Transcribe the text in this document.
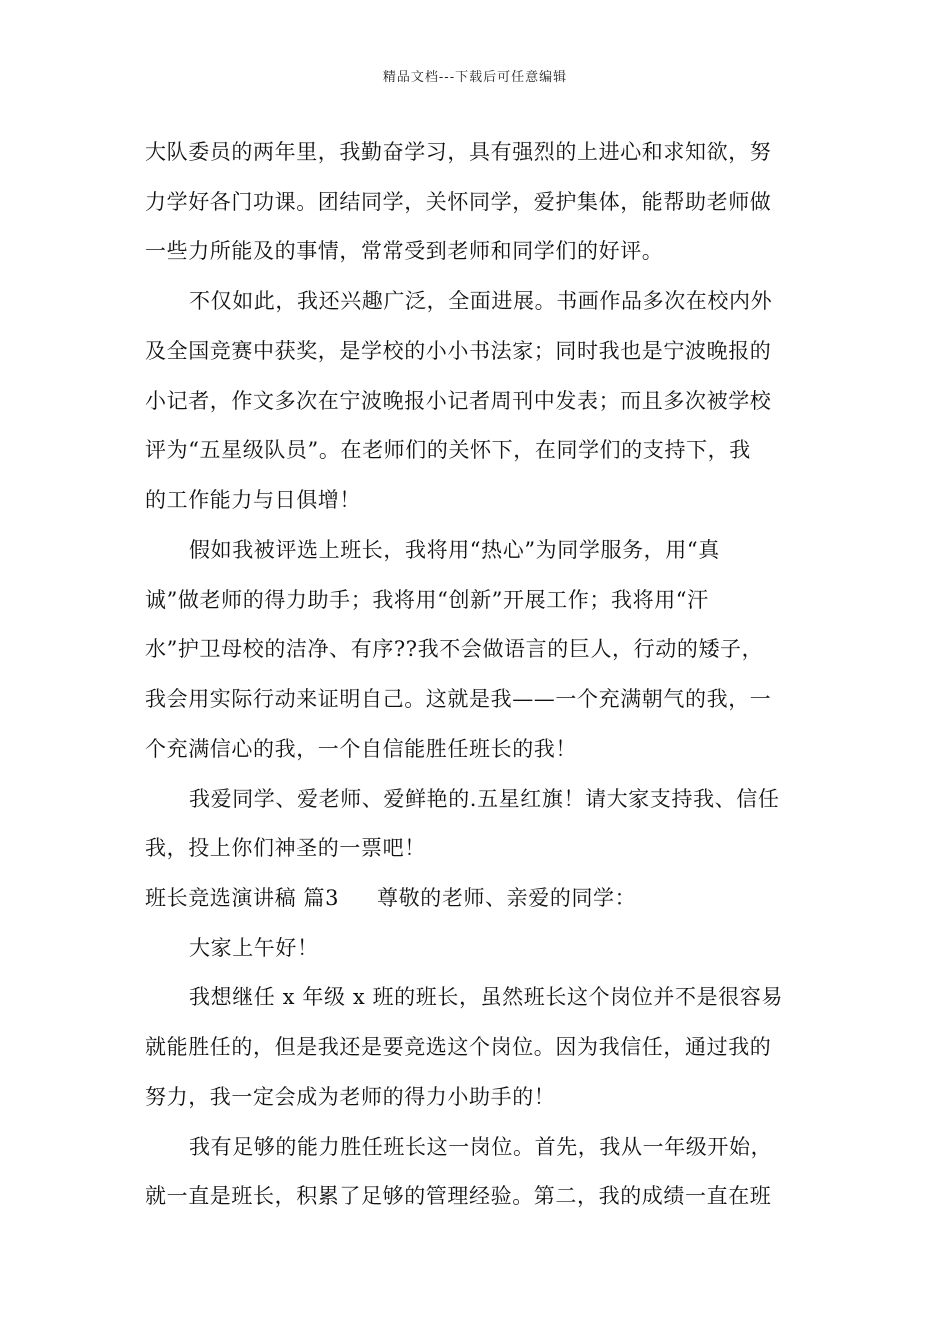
精品文档---下载后可任意编辑
大队委员的两年里，我勤奋学习，具有强烈的上进心和求知欲，努
力学好各门功课。团结同学，关怀同学，爱护集体，能帮助老师做
一些力所能及的事情，常常受到老师和同学们的好评。
不仅如此，我还兴趣广泛，全面进展。书画作品多次在校内外
及全国竞赛中获奖，是学校的小小书法家；同时我也是宁波晚报的
小记者，作文多次在宁波晚报小记者周刊中发表；而且多次被学校
评为“五星级队员”。在老师们的关怀下，在同学们的支持下，我
的工作能力与日俱增！
假如我被评选上班长，我将用“热心”为同学服务，用“真
诚”做老师的得力助手；我将用“创新”开展工作；我将用“汗
水”护卫母校的洁净、有序??我不会做语言的巨人，行动的矮子，
我会用实际行动来证明自己。这就是我——一个充满朝气的我，一
个充满信心的我，一个自信能胜任班长的我！
我爱同学、爱老师、爱鲜艳的.五星红旗！请大家支持我、信任
我，投上你们神圣的一票吧！
班长竞选演讲稿 篇3 尊敬的老师、亲爱的同学：
大家上午好！
我想继任 x 年级 x 班的班长，虽然班长这个岗位并不是很容易
就能胜任的，但是我还是要竞选这个岗位。因为我信任，通过我的
努力，我一定会成为老师的得力小助手的！
我有足够的能力胜任班长这一岗位。首先，我从一年级开始，
就一直是班长，积累了足够的管理经验。第二，我的成绩一直在班
